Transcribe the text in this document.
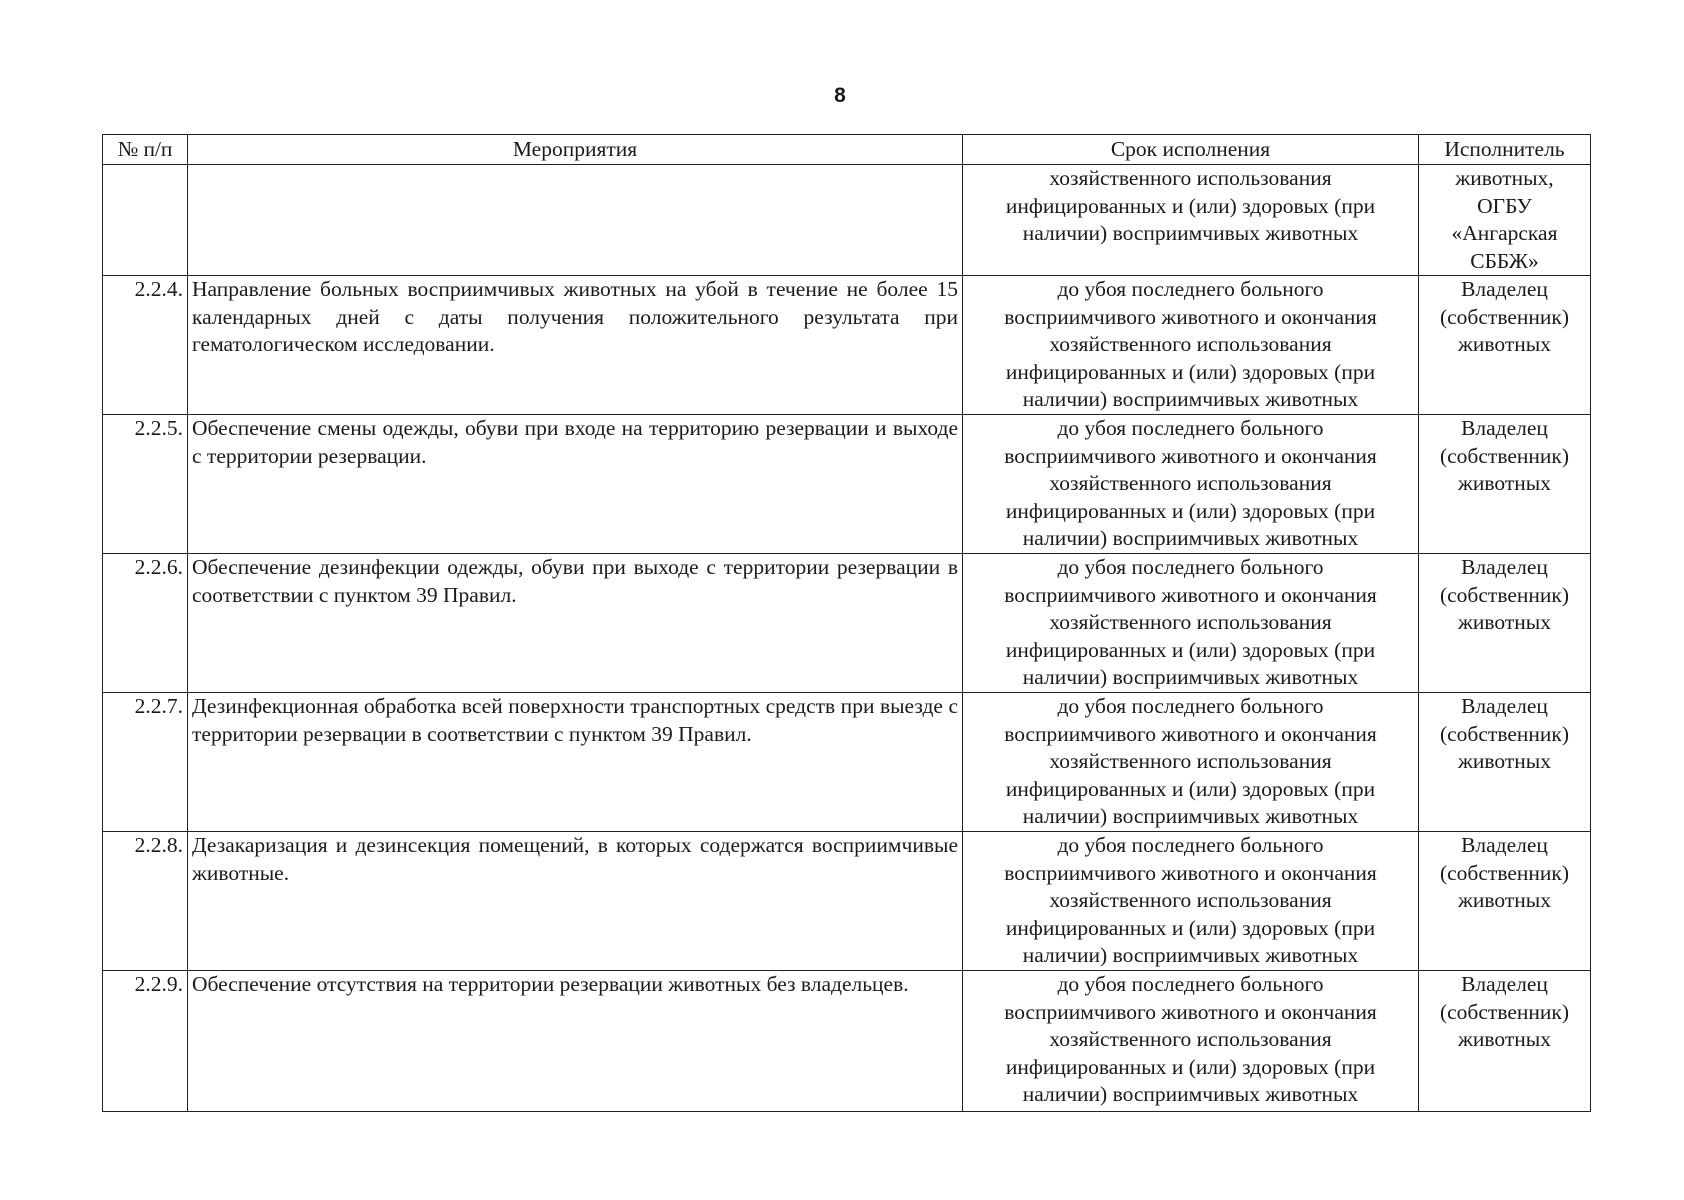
8
№ п/п	Мероприятия	Срок исполнения	Исполнитель
		хозяйственного использования
инфицированных и (или) здоровых (при
наличии) восприимчивых животных	животных,
ОГБУ
«Ангарская
СББЖ»
2.2.4.	Направление больных восприимчивых животных на убой в течение не более 15 календарных дней с даты получения положительного результата при гематологическом исследовании.	до убоя последнего больного
восприимчивого животного и окончания
хозяйственного использования
инфицированных и (или) здоровых (при
наличии) восприимчивых животных	Владелец
(собственник)
животных
2.2.5.	Обеспечение смены одежды, обуви при входе на территорию резервации и выходе с территории резервации.	до убоя последнего больного
восприимчивого животного и окончания
хозяйственного использования
инфицированных и (или) здоровых (при
наличии) восприимчивых животных	Владелец
(собственник)
животных
2.2.6.	Обеспечение дезинфекции одежды, обуви при выходе с территории резервации в соответствии с пунктом 39 Правил.	до убоя последнего больного
восприимчивого животного и окончания
хозяйственного использования
инфицированных и (или) здоровых (при
наличии) восприимчивых животных	Владелец
(собственник)
животных
2.2.7.	Дезинфекционная обработка всей поверхности транспортных средств при выезде с территории резервации в соответствии с пунктом 39 Правил.	до убоя последнего больного
восприимчивого животного и окончания
хозяйственного использования
инфицированных и (или) здоровых (при
наличии) восприимчивых животных	Владелец
(собственник)
животных
2.2.8.	Дезакаризация и дезинсекция помещений, в которых содержатся восприимчивые животные.	до убоя последнего больного
восприимчивого животного и окончания
хозяйственного использования
инфицированных и (или) здоровых (при
наличии) восприимчивых животных	Владелец
(собственник)
животных
2.2.9.	Обеспечение отсутствия на территории резервации животных без владельцев.	до убоя последнего больного
восприимчивого животного и окончания
хозяйственного использования
инфицированных и (или) здоровых (при
наличии) восприимчивых животных	Владелец
(собственник)
животных
